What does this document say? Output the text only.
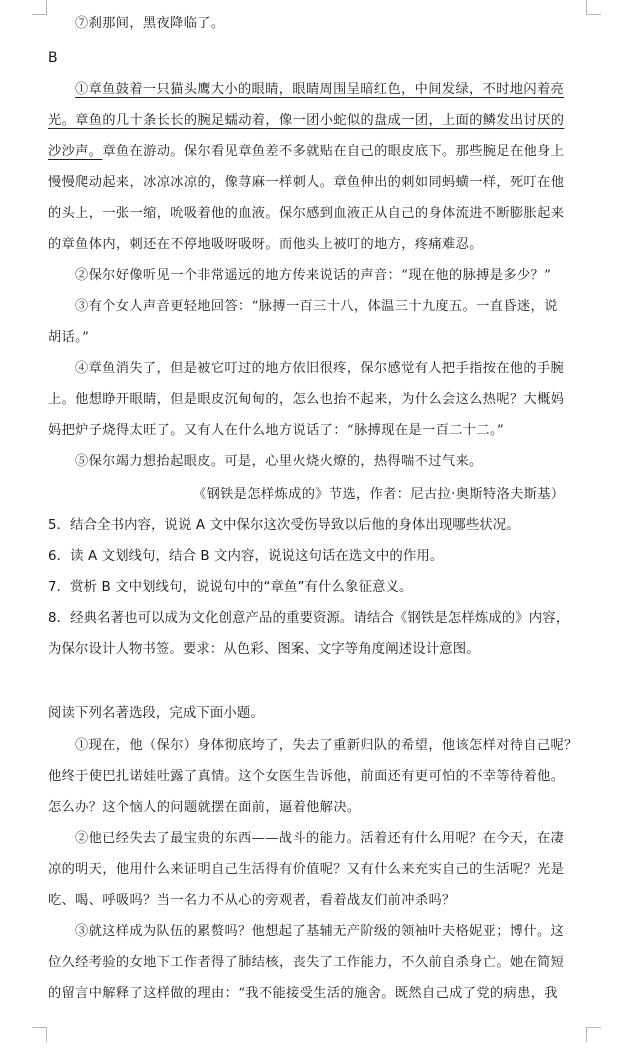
⑦刹那间，黑夜降临了。
B
①章鱼鼓着一只猫头鹰大小的眼睛，眼睛周围呈暗红色，中间发绿，不时地闪着亮
光。章鱼的几十条长长的腕足蠕动着，像一团小蛇似的盘成一团，上面的鳞发出讨厌的
沙沙声。章鱼在游动。保尔看见章鱼差不多就贴在自己的眼皮底下。那些腕足在他身上
慢慢爬动起来，冰凉冰凉的，像荨麻一样刺人。章鱼伸出的刺如同蚂蟥一样，死叮在他
的头上，一张一缩，吮吸着他的血液。保尔感到血液正从自己的身体流进不断膨胀起来
的章鱼体内，刺还在不停地吸呀吸呀。而他头上被叮的地方，疼痛难忍。
②保尔好像听见一个非常遥远的地方传来说话的声音：“现在他的脉搏是多少？”
③有个女人声音更轻地回答：“脉搏一百三十八，体温三十九度五。一直昏迷，说
胡话。”
④章鱼消失了，但是被它叮过的地方依旧很疼，保尔感觉有人把手指按在他的手腕
上。他想睁开眼睛，但是眼皮沉甸甸的，怎么也抬不起来，为什么会这么热呢？大概妈
妈把炉子烧得太旺了。又有人在什么地方说话了：“脉搏现在是一百二十二。”
⑤保尔竭力想抬起眼皮。可是，心里火烧火燎的，热得喘不过气来。
《钢铁是怎样炼成的》节选，作者：尼古拉·奥斯特洛夫斯基）
5．结合全书内容，说说 A 文中保尔这次受伤导致以后他的身体出现哪些状况。
6．读 A 文划线句，结合 B 文内容，说说这句话在选文中的作用。
7．赏析 B 文中划线句，说说句中的“章鱼”有什么象征意义。
8．经典名著也可以成为文化创意产品的重要资源。请结合《钢铁是怎样炼成的》内容，
为保尔设计人物书签。要求：从色彩、图案、文字等角度阐述设计意图。
阅读下列名著选段，完成下面小题。
①现在，他（保尔）身体彻底垮了，失去了重新归队的希望，他该怎样对待自己呢？
他终于使巴扎诺娃吐露了真情。这个女医生告诉他，前面还有更可怕的不幸等待着他。
怎么办？这个恼人的问题就摆在面前，逼着他解决。
②他已经失去了最宝贵的东西——战斗的能力。活着还有什么用呢？在今天，在凄
凉的明天，他用什么来证明自己生活得有价值呢？又有什么来充实自己的生活呢？光是
吃、喝、呼吸吗？当一名力不从心的旁观者，看着战友们前冲杀吗？
③就这样成为队伍的累赘吗？他想起了基辅无产阶级的领袖叶夫格妮亚；博什。这
位久经考验的女地下工作者得了肺结核，丧失了工作能力，不久前自杀身亡。她在简短
的留言中解释了这样做的理由：“我不能接受生活的施舍。既然自己成了党的病患，我
